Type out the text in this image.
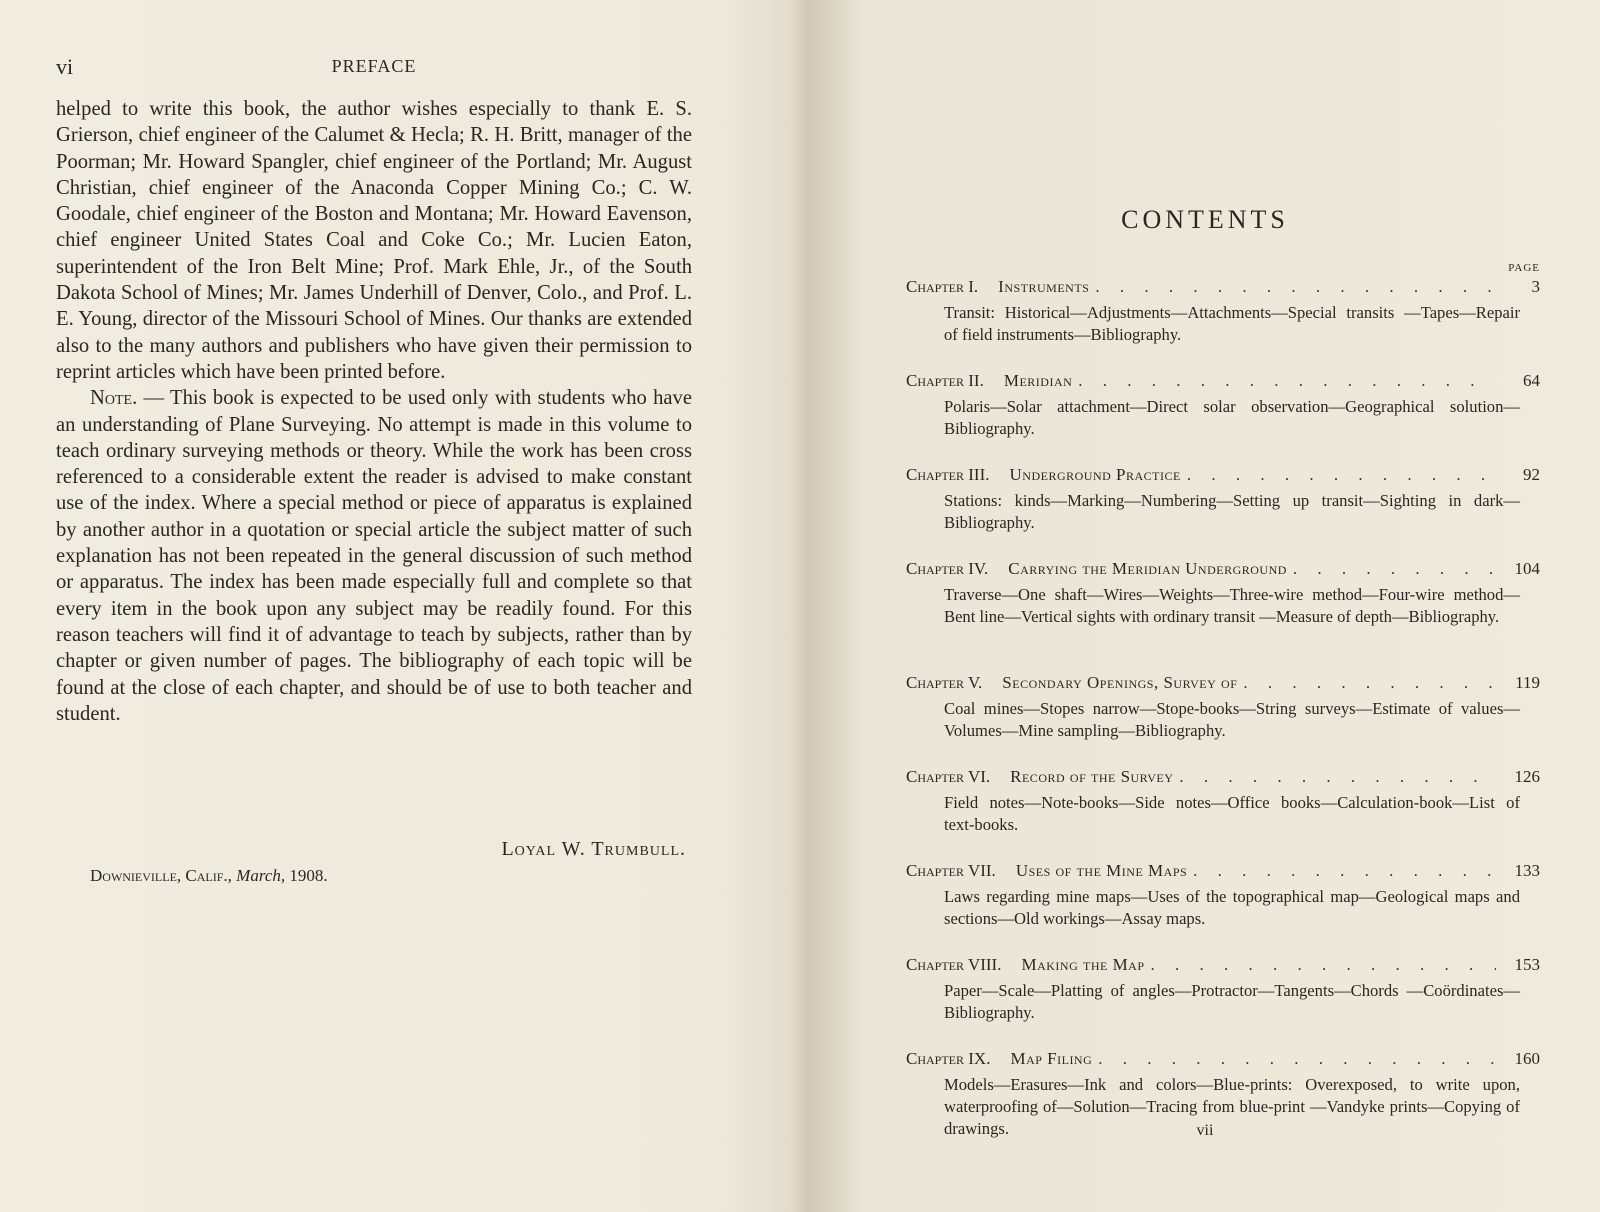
vi	PREFACE

helped to write this book, the author wishes especially to thank E. S. Grierson, chief engineer of the Calumet & Hecla; R. H. Britt, manager of the Poorman; Mr. Howard Spangler, chief engineer of the Portland; Mr. August Christian, chief engineer of the Anaconda Copper Mining Co.; C. W. Goodale, chief engineer of the Boston and Montana; Mr. Howard Eavenson, chief engineer United States Coal and Coke Co.; Mr. Lucien Eaton, superintendent of the Iron Belt Mine; Prof. Mark Ehle, Jr., of the South Dakota School of Mines; Mr. James Underhill of Denver, Colo., and Prof. L. E. Young, director of the Missouri School of Mines. Our thanks are extended also to the many authors and publishers who have given their permission to reprint articles which have been printed before.

Note. — This book is expected to be used only with students who have an understanding of Plane Surveying. No attempt is made in this volume to teach ordinary surveying methods or theory. While the work has been cross referenced to a considerable extent the reader is advised to make constant use of the index. Where a special method or piece of apparatus is explained by another author in a quotation or special article the subject matter of such explanation has not been repeated in the general discussion of such method or apparatus. The index has been made especially full and complete so that every item in the book upon any subject may be readily found. For this reason teachers will find it of advantage to teach by subjects, rather than by chapter or given number of pages. The bibliography of each topic will be found at the close of each chapter, and should be of use to both teacher and student.

Loyal W. Trumbull.
Downieville, Calif., March, 1908.
CONTENTS
PAGE
Chapter I. Instruments . . .	3
Transit: Historical—Adjustments—Attachments—Special transits —Tapes—Repair of field instruments—Bibliography.
Chapter II. Meridian . . .	64
Polaris—Solar attachment—Direct solar observation—Geographical solution—Bibliography.
Chapter III. Underground Practice . . .	92
Stations: kinds—Marking—Numbering—Setting up transit—Sighting in dark—Bibliography.
Chapter IV. Carrying the Meridian Underground . . .	104
Traverse—One shaft—Wires—Weights—Three-wire method—Four-wire method—Bent line—Vertical sights with ordinary transit —Measure of depth—Bibliography.
Chapter V. Secondary Openings, Survey of . . .	119
Coal mines—Stopes narrow—Stope-books—String surveys—Estimate of values—Volumes—Mine sampling—Bibliography.
Chapter VI. Record of the Survey . . .	126
Field notes—Note-books—Side notes—Office books—Calculation-book—List of text-books.
Chapter VII. Uses of the Mine Maps . . .	133
Laws regarding mine maps—Uses of the topographical map—Geological maps and sections—Old workings—Assay maps.
Chapter VIII. Making the Map . . .	153
Paper—Scale—Platting of angles—Protractor—Tangents—Chords —Coördinates—Bibliography.
Chapter IX. Map Filing . . .	160
Models—Erasures—Ink and colors—Blue-prints: Overexposed, to write upon, waterproofing of—Solution—Tracing from blue-print —Vandyke prints—Copying of drawings.	vii
